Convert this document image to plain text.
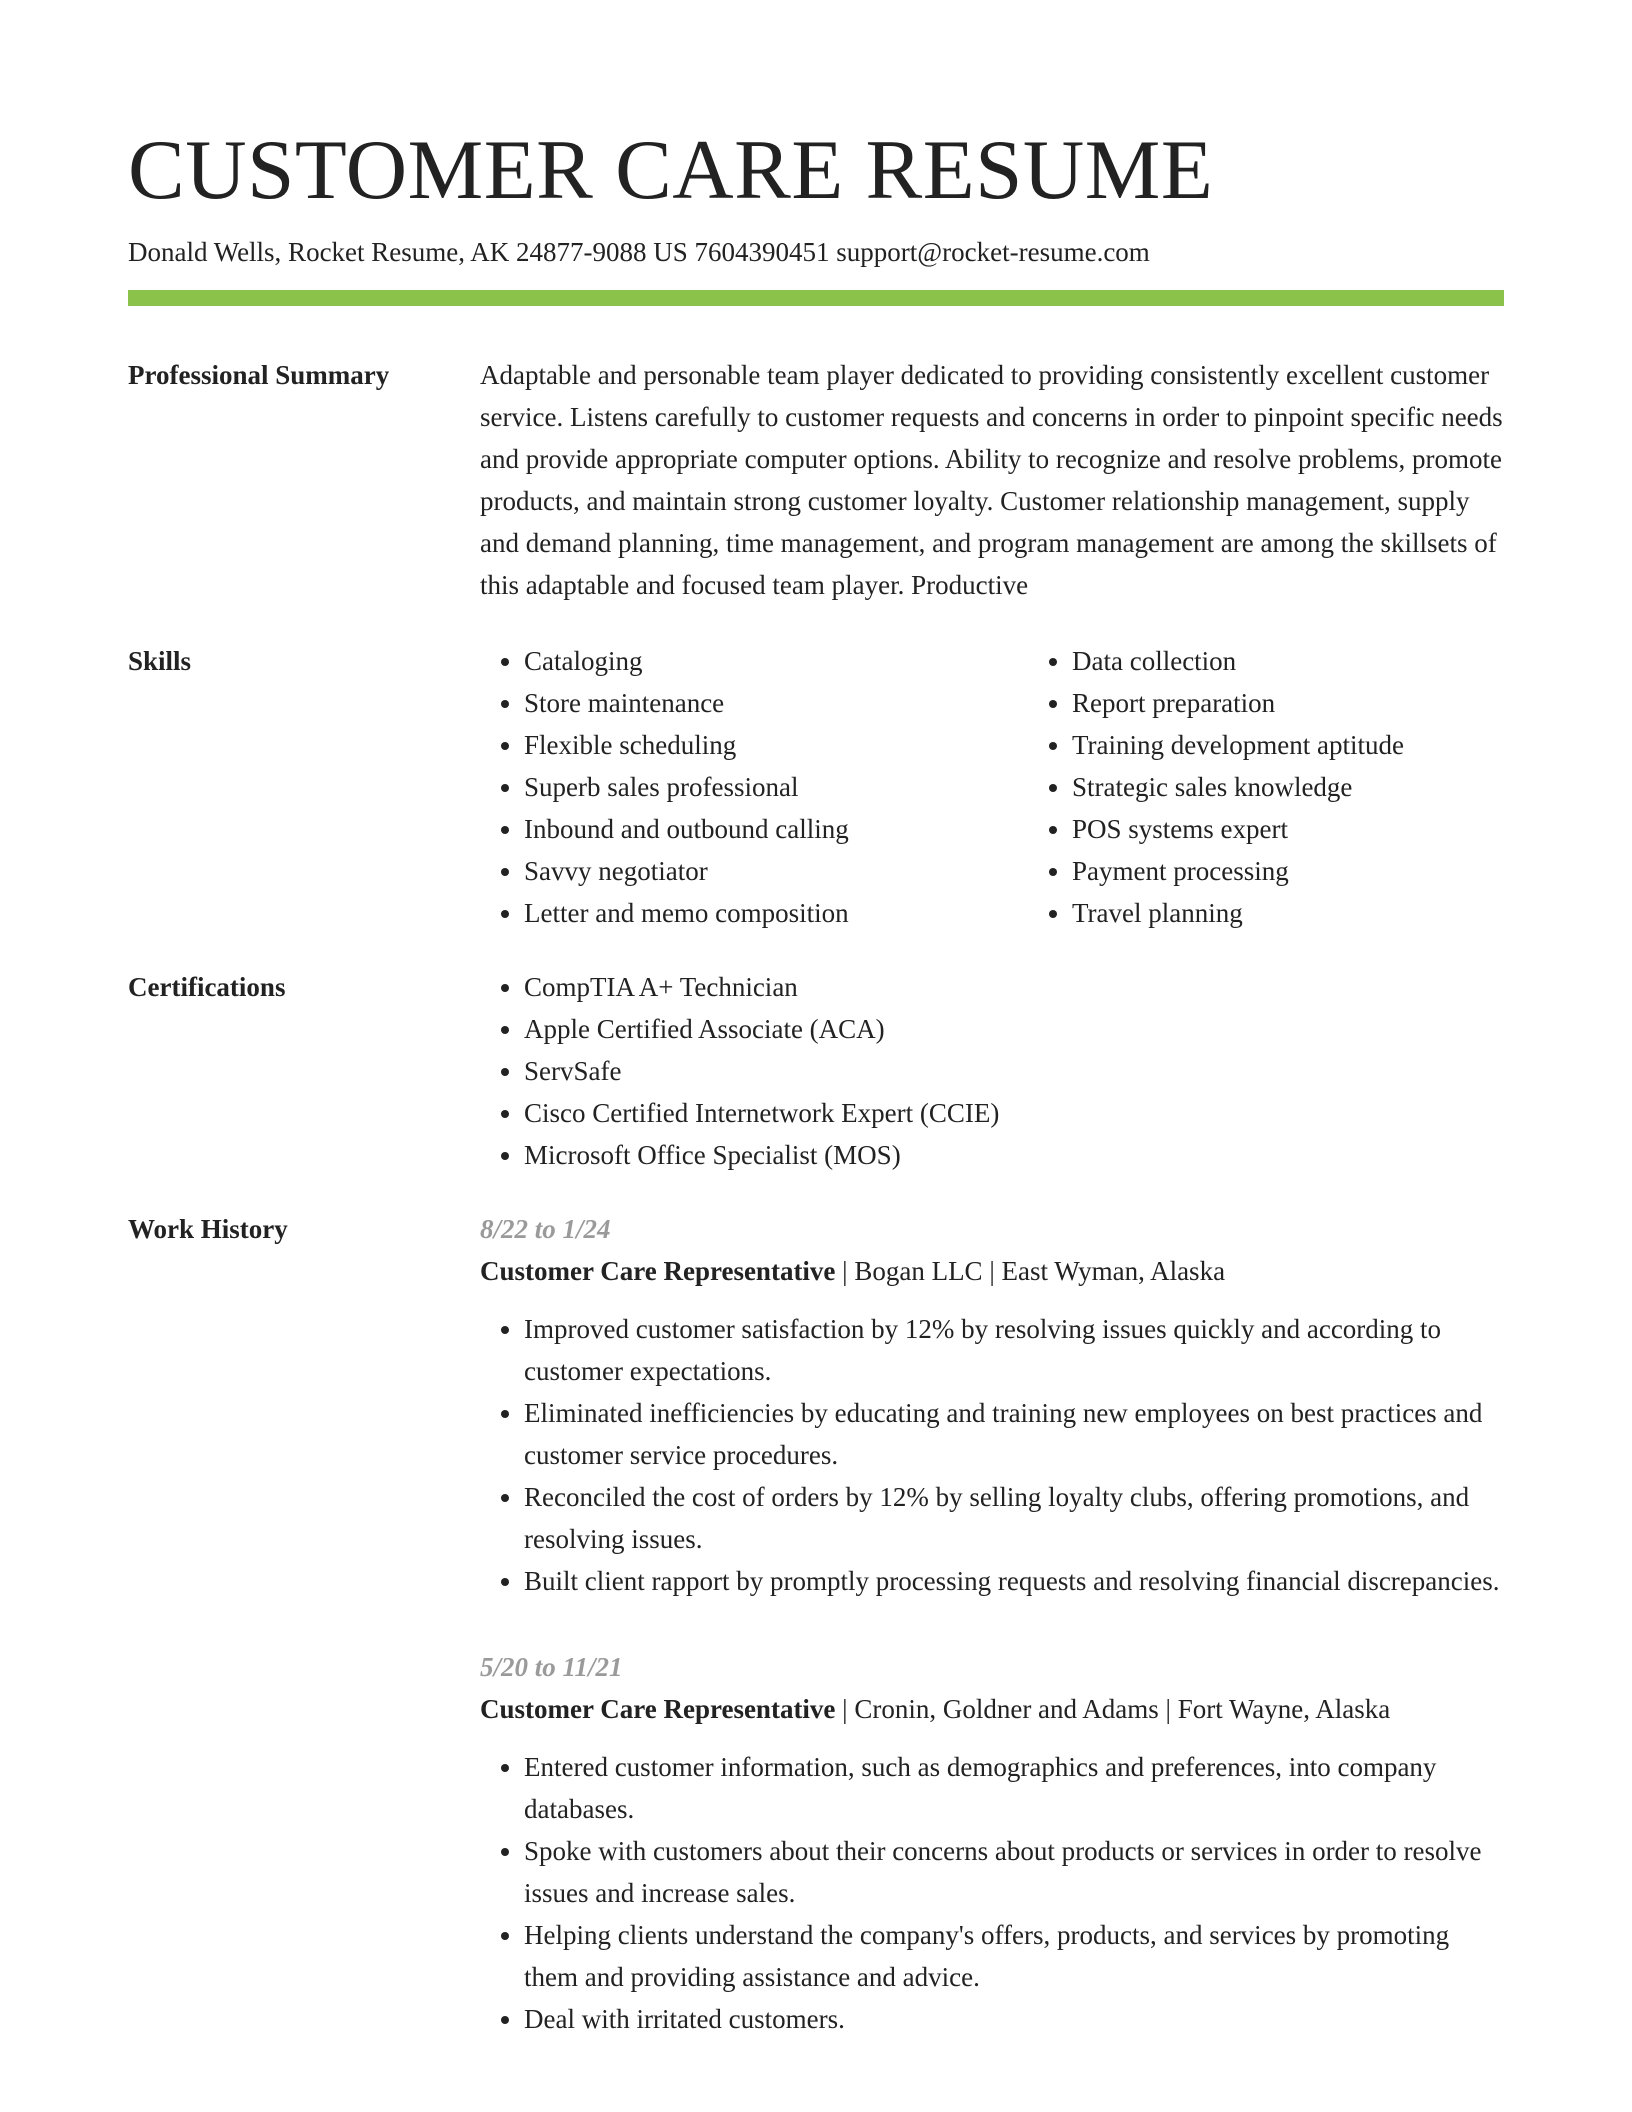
CUSTOMER CARE RESUME
Donald Wells, Rocket Resume, AK 24877-9088 US 7604390451 support@rocket-resume.com
Professional Summary	Adaptable and personable team player dedicated to providing consistently excellent customer service. Listens carefully to customer requests and concerns in order to pinpoint specific needs and provide appropriate computer options. Ability to recognize and resolve problems, promote products, and maintain strong customer loyalty. Customer relationship management, supply and demand planning, time management, and program management are among the skillsets of this adaptable and focused team player. Productive

Skills	• Cataloging
• Store maintenance
• Flexible scheduling
• Superb sales professional
• Inbound and outbound calling
• Savvy negotiator
• Letter and memo composition
• Data collection
• Report preparation
• Training development aptitude
• Strategic sales knowledge
• POS systems expert
• Payment processing
• Travel planning
Certifications	• CompTIA A+ Technician
• Apple Certified Associate (ACA)
• ServSafe
• Cisco Certified Internetwork Expert (CCIE)
• Microsoft Office Specialist (MOS)
Work History	8/22 to 1/24
Customer Care Representative | Bogan LLC | East Wyman, Alaska
• Improved customer satisfaction by 12% by resolving issues quickly and according to customer expectations.
• Eliminated inefficiencies by educating and training new employees on best practices and customer service procedures.
• Reconciled the cost of orders by 12% by selling loyalty clubs, offering promotions, and resolving issues.
• Built client rapport by promptly processing requests and resolving financial discrepancies.
5/20 to 11/21
Customer Care Representative | Cronin, Goldner and Adams | Fort Wayne, Alaska
• Entered customer information, such as demographics and preferences, into company databases.
• Spoke with customers about their concerns about products or services in order to resolve issues and increase sales.
• Helping clients understand the company's offers, products, and services by promoting them and providing assistance and advice.
• Deal with irritated customers.
